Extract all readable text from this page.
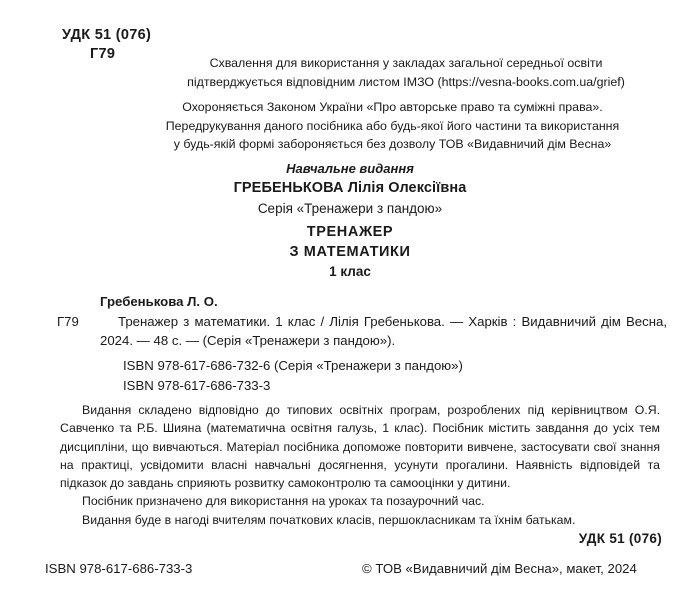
УДК 51 (076)
Г79
Схвалення для використання у закладах загальної середньої освіти
підтверджується відповідним листом ІМЗО (https://vesna-books.com.ua/grief)
Охороняється Законом України «Про авторське право та суміжні права».
Передрукування даного посібника або будь-якої його частини та використання
у будь-якій формі забороняється без дозволу ТОВ «Видавничий дім Весна»
Навчальне видання
ГРЕБЕНЬКОВА Лілія Олексіївна
Серія «Тренажери з пандою»
ТРЕНАЖЕР
З МАТЕМАТИКИ
1 клас
Гребенькова Л. О.
Г79	Тренажер з математики. 1 клас / Лілія Гребенькова. — Харків : Видавничий дім Весна, 2024. — 48 с. — (Серія «Тренажери з пандою»).
ISBN 978-617-686-732-6 (Серія «Тренажери з пандою»)
ISBN 978-617-686-733-3

Видання складено відповідно до типових освітніх програм, розроблених під керівництвом О.Я. Савченко та Р.Б. Шияна (математична освітня галузь, 1 клас). Посібник містить завдання до усіх тем дисципліни, що вивчаються. Матеріал посібника допоможе повторити вивчене, застосувати свої знання на практиці, усвідомити власні навчальні досягнення, усунути прогалини. Наявність відповідей та підказок до завдань сприяють розвитку самоконтролю та самооцінки у дитини.

Посібник призначено для використання на уроках та позаурочний час.

Видання буде в нагоді вчителям початкових класів, першокласникам та їхнім батькам.

УДК 51 (076)
ISBN 978-617-686-733-3	© ТОВ «Видавничий дім Весна», макет, 2024
